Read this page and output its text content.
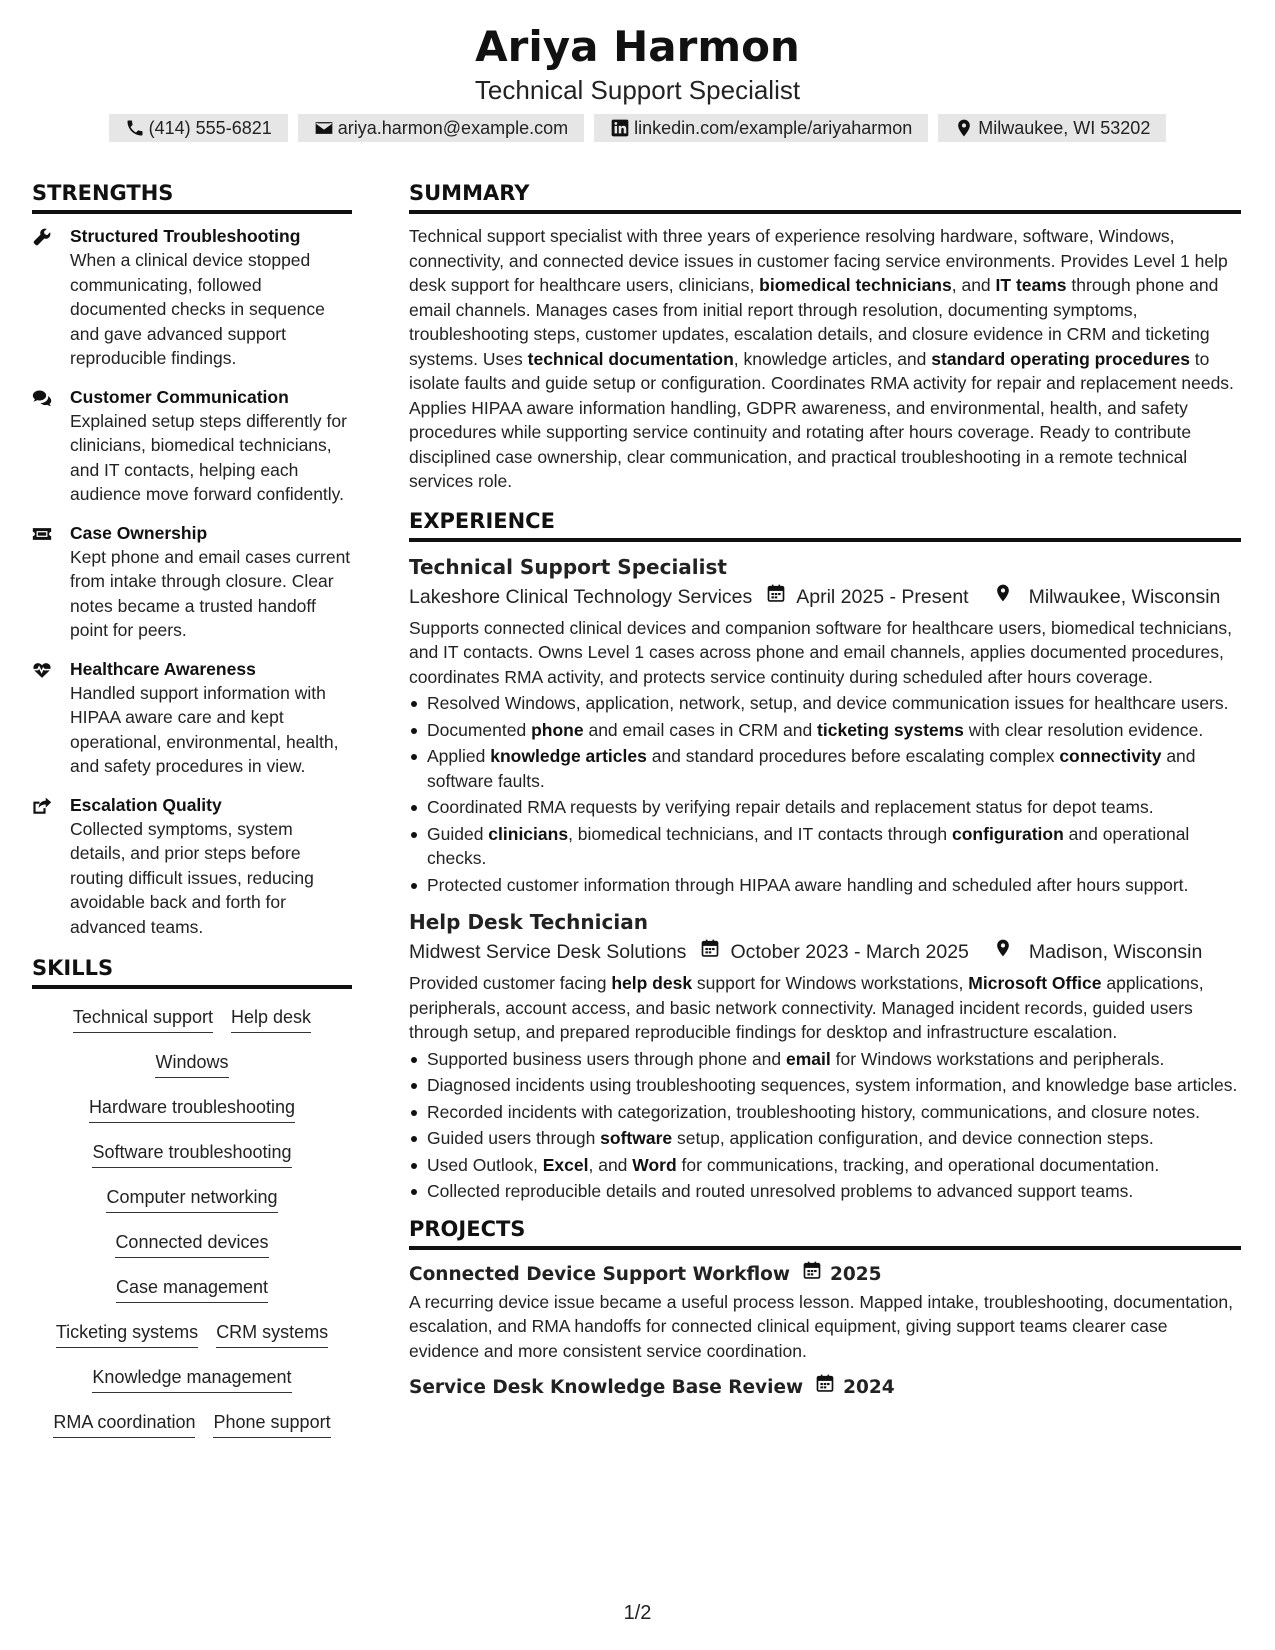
Ariya Harmon
Technical Support Specialist
(414) 555-6821	ariya.harmon@example.com	linkedin.com/example/ariyaharmon	Milwaukee, WI 53202
STRENGTHS
Structured Troubleshooting
When a clinical device stopped communicating, followed documented checks in sequence and gave advanced support reproducible findings.
Customer Communication
Explained setup steps differently for clinicians, biomedical technicians, and IT contacts, helping each audience move forward confidently.
Case Ownership
Kept phone and email cases current from intake through closure. Clear notes became a trusted handoff point for peers.
Healthcare Awareness
Handled support information with HIPAA aware care and kept operational, environmental, health, and safety procedures in view.
Escalation Quality
Collected symptoms, system details, and prior steps before routing difficult issues, reducing avoidable back and forth for advanced teams.
SKILLS
Technical support Help desk
Windows
Hardware troubleshooting
Software troubleshooting
Computer networking
Connected devices
Case management
Ticketing systems CRM systems
Knowledge management
RMA coordination Phone support
SUMMARY
Technical support specialist with three years of experience resolving hardware, software, Windows, connectivity, and connected device issues in customer facing service environments. Provides Level 1 help desk support for healthcare users, clinicians, biomedical technicians, and IT teams through phone and email channels. Manages cases from initial report through resolution, documenting symptoms, troubleshooting steps, customer updates, escalation details, and closure evidence in CRM and ticketing systems. Uses technical documentation, knowledge articles, and standard operating procedures to isolate faults and guide setup or configuration. Coordinates RMA activity for repair and replacement needs. Applies HIPAA aware information handling, GDPR awareness, and environmental, health, and safety procedures while supporting service continuity and rotating after hours coverage. Ready to contribute disciplined case ownership, clear communication, and practical troubleshooting in a remote technical services role.
EXPERIENCE
Technical Support Specialist
Lakeshore Clinical Technology Services April 2025 - Present	Milwaukee, Wisconsin
Supports connected clinical devices and companion software for healthcare users, biomedical technicians, and IT contacts. Owns Level 1 cases across phone and email channels, applies documented procedures, coordinates RMA activity, and protects service continuity during scheduled after hours coverage.
Resolved Windows, application, network, setup, and device communication issues for healthcare users.
Documented phone and email cases in CRM and ticketing systems with clear resolution evidence.
Applied knowledge articles and standard procedures before escalating complex connectivity and software faults.
Coordinated RMA requests by verifying repair details and replacement status for depot teams.
Guided clinicians, biomedical technicians, and IT contacts through configuration and operational checks.
Protected customer information through HIPAA aware handling and scheduled after hours support.
Help Desk Technician
Midwest Service Desk Solutions October 2023 - March 2025	Madison, Wisconsin
Provided customer facing help desk support for Windows workstations, Microsoft Office applications, peripherals, account access, and basic network connectivity. Managed incident records, guided users through setup, and prepared reproducible findings for desktop and infrastructure escalation.
Supported business users through phone and email for Windows workstations and peripherals.
Diagnosed incidents using troubleshooting sequences, system information, and knowledge base articles.
Recorded incidents with categorization, troubleshooting history, communications, and closure notes.
Guided users through software setup, application configuration, and device connection steps.
Used Outlook, Excel, and Word for communications, tracking, and operational documentation.
Collected reproducible details and routed unresolved problems to advanced support teams.
PROJECTS
Connected Device Support Workflow 2025
A recurring device issue became a useful process lesson. Mapped intake, troubleshooting, documentation, escalation, and RMA handoffs for connected clinical equipment, giving support teams clearer case evidence and more consistent service coordination.
Service Desk Knowledge Base Review 2024
1/2
